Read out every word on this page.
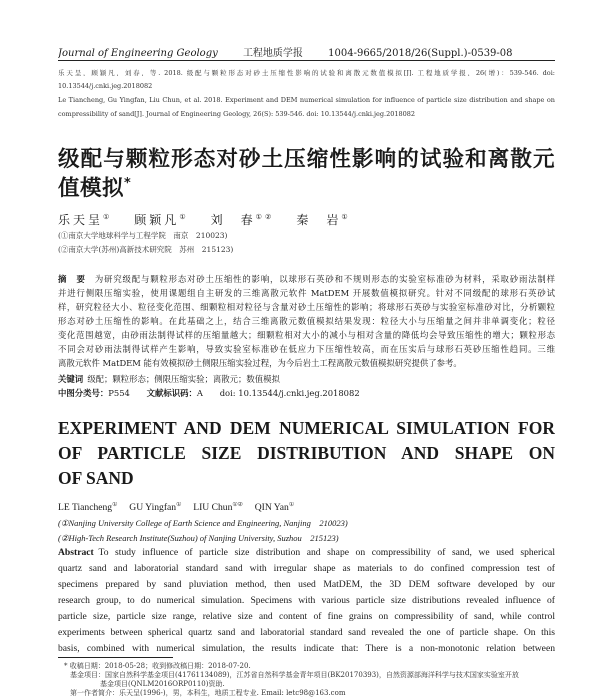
Journal of Engineering Geology	工程地质学报	1004-9665/2018/26(Suppl.)-0539-08
乐天呈，顾颖凡，刘春，等. 2018. 级配与颗粒形态对砂土压缩性影响的试验和离散元数值模拟[J]. 工程地质学报，26(增)：539-546. doi:
10.13544/j.cnki.jeg.2018082
Le Tiancheng, Gu Yingfan, Liu Chun, et al. 2018. Experiment and DEM numerical simulation for influence of particle size distribution and shape on
compressibility of sand[J]. Journal of Engineering Geology, 26(S): 539-546. doi: 10.13544/j.cnki.jeg.2018082
级配与颗粒形态对砂土压缩性影响的试验和离散元
值模拟*
乐天呈①  顾颖凡①  刘　春①②  秦　岩①
(①南京大学地球科学与工程学院　南京　210023)
(②南京大学(苏州)高新技术研究院　苏州　215123)
摘　要  为研究级配与颗粒形态对砂土压缩性的影响，以球形石英砂和不规则形态的实验室标准砂为材料，采取砂雨法制样
并进行侧限压缩实验，使用课题组自主研发的三维离散元软件 MatDEM 开展数值模拟研究。针对不同级配的球形石英砂试
样，研究粒径大小、粒径变化范围、细颗粒相对粒径与含量对砂土压缩性的影响；将球形石英砂与实验室标准砂对比，分析颗粒
形态对砂土压缩性的影响。在此基础之上，结合三维离散元数值模拟结果发现：粒径大小与压缩量之间并非单调变化；粒径
变化范围越宽，由砂雨法制得试样的压缩量越大；细颗粒相对大小的减小与相对含量的降低均会导致压缩性的增大；颗粒形态
不同会对砂雨法制得试样产生影响，导致实验室标准砂在低应力下压缩性较高，而在压实后与球形石英砂压缩性趋同。三维
离散元软件 MatDEM 能有效模拟砂土侧限压缩实验过程，为今后岩土工程离散元数值模拟研究提供了参考。
关键词  级配；颗粒形态；侧限压缩实验；离散元；数值模拟
中图分类号：P554   文献标识码：A   doi: 10.13544/j.cnki.jeg.2018082
EXPERIMENT AND DEM NUMERICAL SIMULATION FOR
OF PARTICLE SIZE DISTRIBUTION AND SHAPE ON
OF SAND
LE Tiancheng①  GU Yingfan①  LIU Chun①②  QIN Yan①
(①Nanjing University College of Earth Science and Engineering, Nanjing　210023)
(②High-Tech Research Institute(Suzhou) of Nanjing University, Suzhou　215123)
Abstract  To study influence of particle size distribution and shape on compressibility of sand, we used spherical
quartz sand and laboratorial standard sand with irregular shape as materials to do confined compression test of
specimens prepared by sand pluviation method, then used MatDEM, the 3D DEM software developed by our
research group, to do numerical simulation. Specimens with various particle size distributions revealed influence of
particle size, particle size range, relative size and content of fine grains on compressibility of sand, while control
experiments between spherical quartz sand and laboratorial standard sand revealed the one of particle shape. On this
basis, combined with numerical simulation, the results indicate that: There is a non-monotonic relation between
* 收稿日期：2018-05-28；收到修改稿日期：2018-07-20.
基金项目：国家自然科学基金项目(41761134089)，江苏省自然科学基金青年项目(BK20170393)，自然资源部海洋科学与技术国家实验室开放
基金项目(QNLM2016ORP0110)资助.
第一作者简介：乐天呈(1996-)，男，本科生，地质工程专业. Email: letc98@163.com
